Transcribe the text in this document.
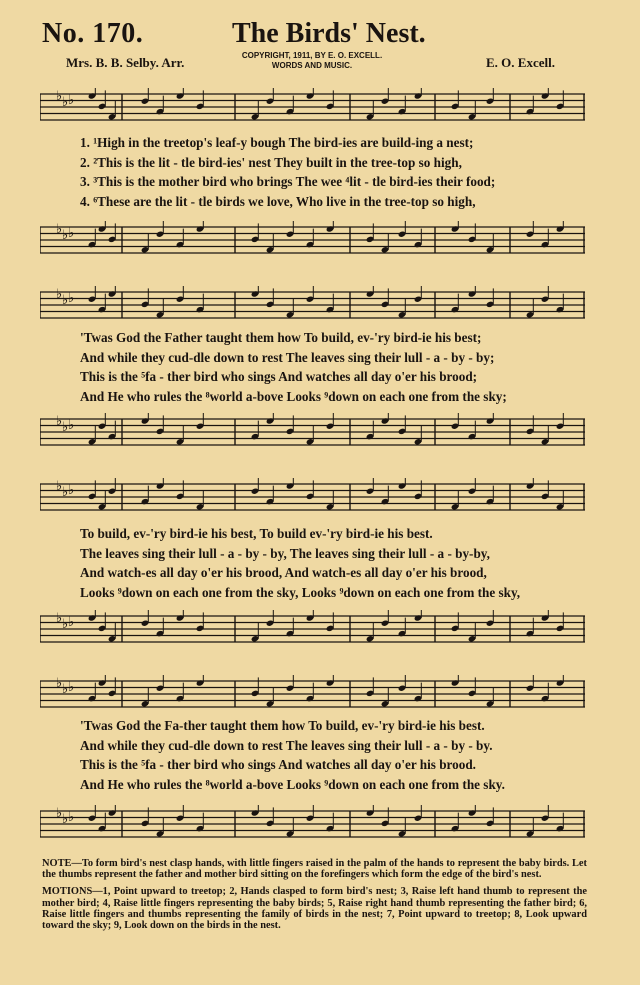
No. 170.	The Birds' Nest.
Mrs. B. B. Selby. Arr.	COPYRIGHT, 1911, BY E. O. EXCELL.
WORDS AND MUSIC.	E. O. Excell.
♭ ♭ ♭
1. ¹High in the treetop's leaf-y bough The bird-ies are build-ing a nest;
2. ²This is the lit - tle bird-ies' nest They built in the tree-top so high,
3. ³This is the mother bird who brings The wee ⁴lit - tle bird-ies their food;
4. ⁶These are the lit - tle birds we love, Who live in the tree-top so high,
♭ ♭ ♭
♭ ♭ ♭
'Twas God the Father taught them how To build, ev-'ry bird-ie his best;
And while they cud-dle down to rest The leaves sing their lull - a - by - by;
This is the ⁵fa - ther bird who sings And watches all day o'er his brood;
And He who rules the ⁸world a-bove Looks ⁹down on each one from the sky;
♭ ♭ ♭
♭ ♭ ♭
To build, ev-'ry bird-ie his best, To build ev-'ry bird-ie his best.
The leaves sing their lull - a - by - by, The leaves sing their lull - a - by-by,
And watch-es all day o'er his brood, And watch-es all day o'er his brood,
Looks ⁹down on each one from the sky, Looks ⁹down on each one from the sky,
♭ ♭ ♭
♭ ♭ ♭
'Twas God the Fa-ther taught them how To build, ev-'ry bird-ie his best.
And while they cud-dle down to rest The leaves sing their lull - a - by - by.
This is the ⁵fa - ther bird who sings And watches all day o'er his brood.
And He who rules the ⁸world a-bove Looks ⁹down on each one from the sky.
♭ ♭ ♭

NOTE—To form bird's nest clasp hands, with little fingers raised in the palm of the hands to represent the baby birds. Let the thumbs represent the father and mother bird sitting on the forefingers which form the edge of the bird's nest.

MOTIONS—1, Point upward to treetop; 2, Hands clasped to form bird's nest; 3, Raise left hand thumb to represent the mother bird; 4, Raise little fingers representing the baby birds; 5, Raise right hand thumb representing the father bird; 6, Raise little fingers and thumbs representing the family of birds in the nest; 7, Point upward to treetop; 8, Look upward toward the sky; 9, Look down on the birds in the nest.
